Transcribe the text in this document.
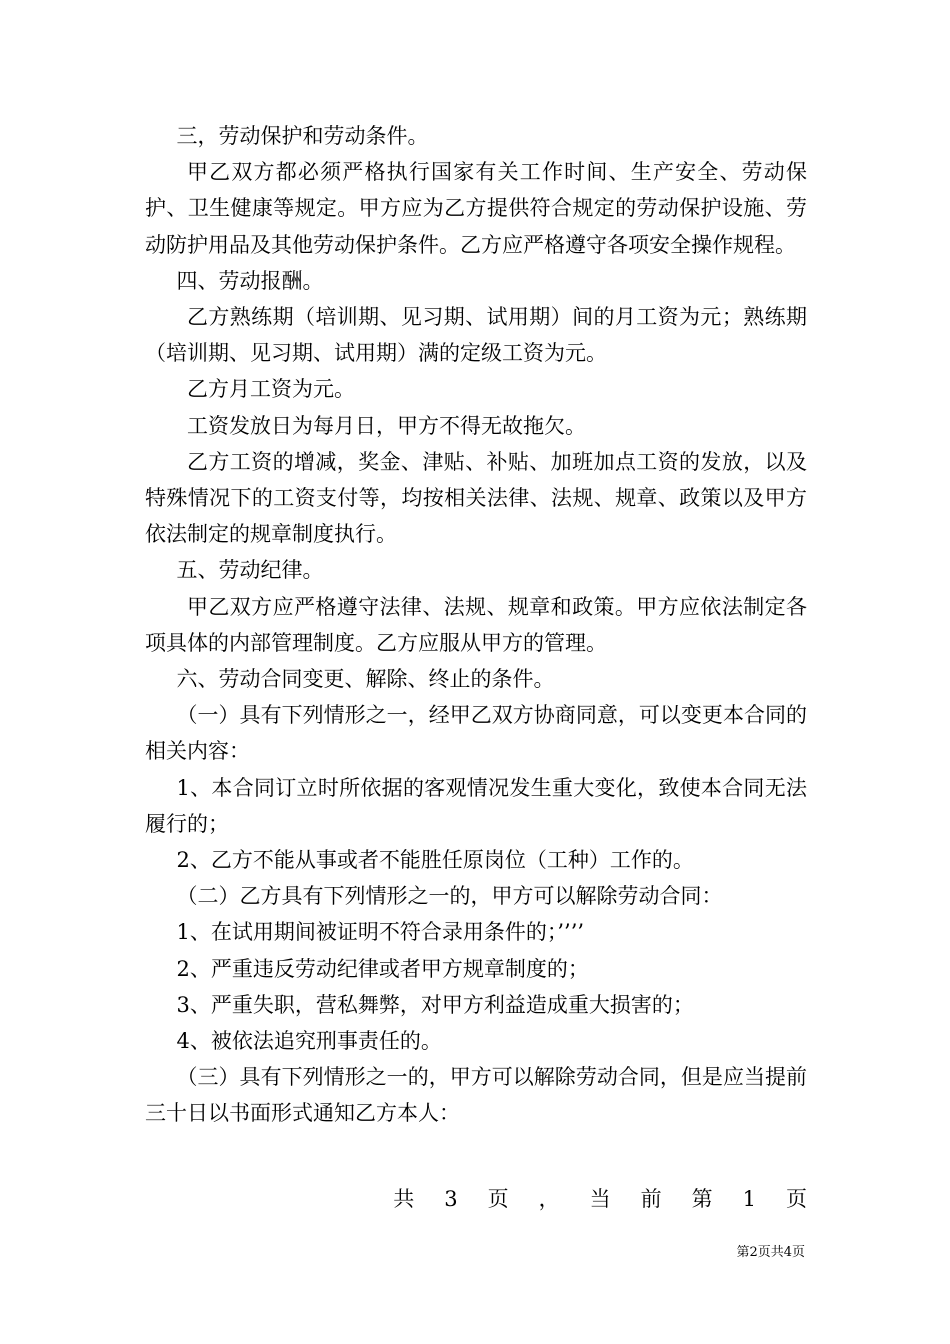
三，劳动保护和劳动条件。

甲乙双方都必须严格执行国家有关工作时间、生产安全、劳动保护、卫生健康等规定。甲方应为乙方提供符合规定的劳动保护设施、劳动防护用品及其他劳动保护条件。乙方应严格遵守各项安全操作规程。

四、劳动报酬。

乙方熟练期（培训期、见习期、试用期）间的月工资为元；熟练期（培训期、见习期、试用期）满的定级工资为元。

乙方月工资为元。

工资发放日为每月日，甲方不得无故拖欠。

乙方工资的增减，奖金、津贴、补贴、加班加点工资的发放，以及特殊情况下的工资支付等，均按相关法律、法规、规章、政策以及甲方依法制定的规章制度执行。

五、劳动纪律。

甲乙双方应严格遵守法律、法规、规章和政策。甲方应依法制定各项具体的内部管理制度。乙方应服从甲方的管理。

六、劳动合同变更、解除、终止的条件。

（一）具有下列情形之一，经甲乙双方协商同意，可以变更本合同的相关内容：

1、本合同订立时所依据的客观情况发生重大变化，致使本合同无法履行的；

2、乙方不能从事或者不能胜任原岗位（工种）工作的。

（二）乙方具有下列情形之一的，甲方可以解除劳动合同：

1、在试用期间被证明不符合录用条件的；’’’’

2、严重违反劳动纪律或者甲方规章制度的；

3、严重失职，营私舞弊，对甲方利益造成重大损害的；

4、被依法追究刑事责任的。

（三）具有下列情形之一的，甲方可以解除劳动合同，但是应当提前三十日以书面形式通知乙方本人：

共 3 页 ， 当 前 第 1 页
第2页共4页
